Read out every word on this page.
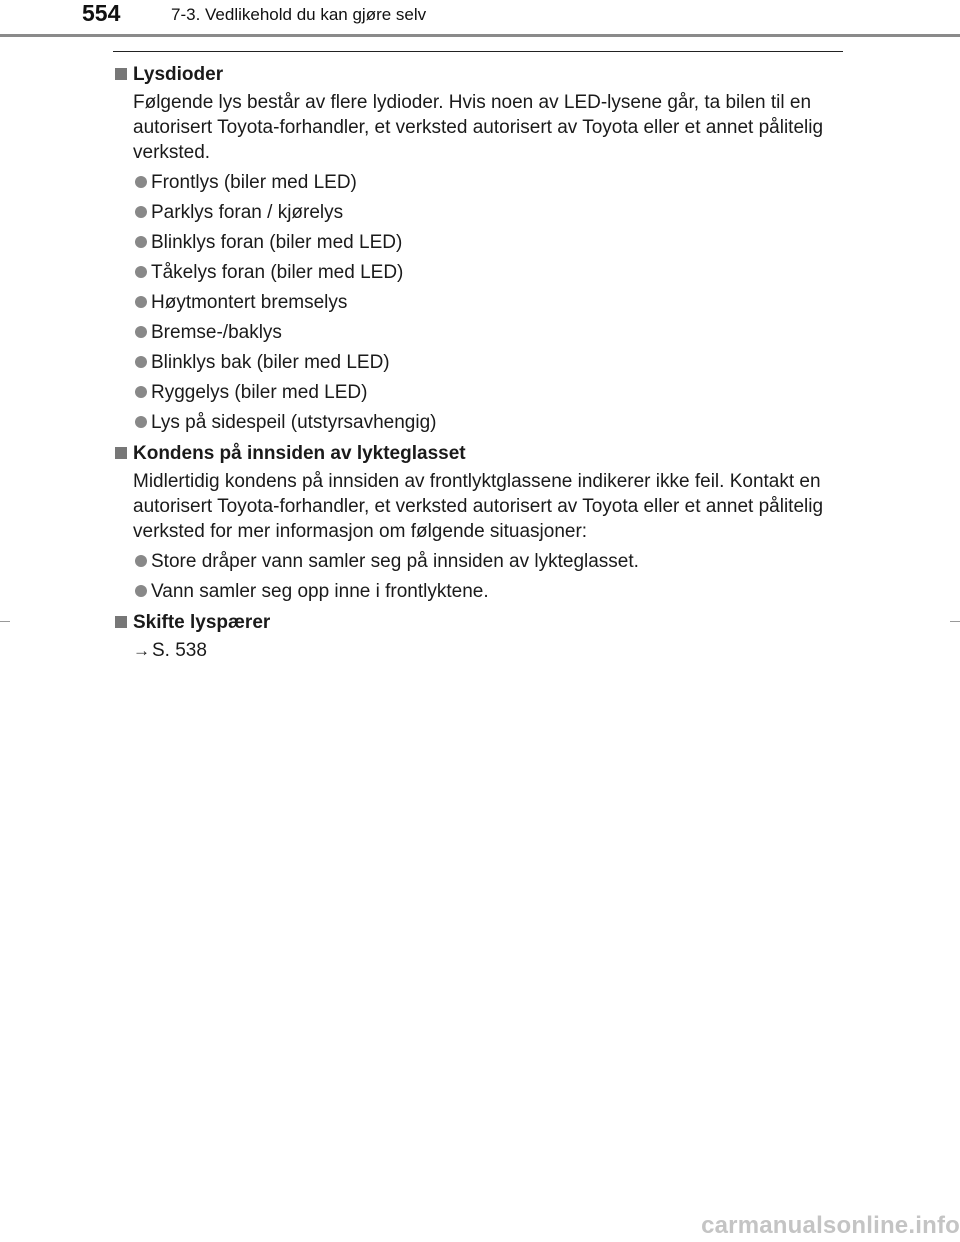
554	7-3. Vedlikehold du kan gjøre selv
Lysdioder
Følgende lys består av flere lydioder. Hvis noen av LED-lysene går, ta bilen til en autorisert Toyota-forhandler, et verksted autorisert av Toyota eller et annet pålitelig verksted.
Frontlys (biler med LED)
Parklys foran / kjørelys
Blinklys foran (biler med LED)
Tåkelys foran (biler med LED)
Høytmontert bremselys
Bremse-/baklys
Blinklys bak (biler med LED)
Ryggelys (biler med LED)
Lys på sidespeil (utstyrsavhengig)
Kondens på innsiden av lykteglasset
Midlertidig kondens på innsiden av frontlyktglassene indikerer ikke feil. Kontakt en autorisert Toyota-forhandler, et verksted autorisert av Toyota eller et annet pålitelig verksted for mer informasjon om følgende situasjoner:
Store dråper vann samler seg på innsiden av lykteglasset.
Vann samler seg opp inne i frontlyktene.
Skifte lyspærer
→ S. 538
carmanualsonline.info
